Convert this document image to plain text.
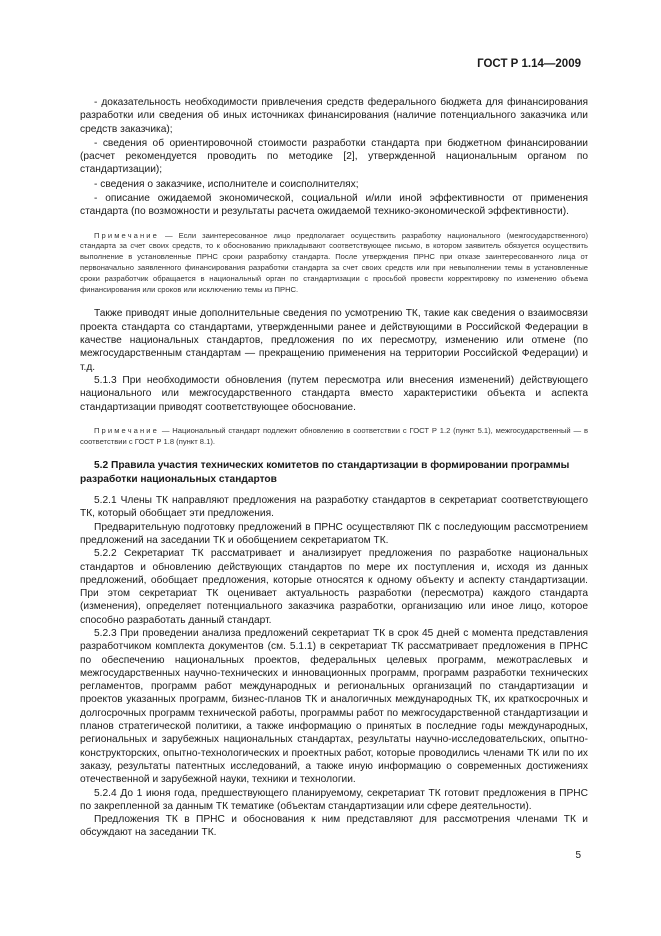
ГОСТ Р 1.14—2009

- доказательность необходимости привлечения средств федерального бюджета для финансирования разработки или сведения об иных источниках финансирования (наличие потенциального заказчика или средств заказчика);

- сведения об ориентировочной стоимости разработки стандарта при бюджетном финансировании (расчет рекомендуется проводить по методике [2], утвержденной национальным органом по стандартизации);

- сведения о заказчике, исполнителе и соисполнителях;

- описание ожидаемой экономической, социальной и/или иной эффективности от применения стандарта (по возможности и результаты расчета ожидаемой технико-экономической эффективности).

Примечание — Если заинтересованное лицо предполагает осуществить разработку национального (межгосударственного) стандарта за счет своих средств, то к обоснованию прикладывают соответствующее письмо, в котором заявитель обязуется осуществить выполнение в установленные ПРНС сроки разработку стандарта. После утверждения ПРНС при отказе заинтересованного лица от первоначально заявленного финансирования разработки стандарта за счет своих средств или при невыполнении темы в установленные сроки разработчик обращается в национальный орган по стандартизации с просьбой провести корректировку по изменению объема финансирования или сроков или исключению темы из ПРНС.

Также приводят иные дополнительные сведения по усмотрению ТК, такие как сведения о взаимосвязи проекта стандарта со стандартами, утвержденными ранее и действующими в Российской Федерации в качестве национальных стандартов, предложения по их пересмотру, изменению или отмене (по межгосударственным стандартам — прекращению применения на территории Российской Федерации) и т.д.

5.1.3 При необходимости обновления (путем пересмотра или внесения изменений) действующего национального или межгосударственного стандарта вместо характеристики объекта и аспекта стандартизации приводят соответствующее обоснование.

Примечание — Национальный стандарт подлежит обновлению в соответствии с ГОСТ Р 1.2 (пункт 5.1), межгосударственный — в соответствии с ГОСТ Р 1.8 (пункт 8.1).
5.2 Правила участия технических комитетов по стандартизации в формировании программы разработки национальных стандартов

5.2.1 Члены ТК направляют предложения на разработку стандартов в секретариат соответствующего ТК, который обобщает эти предложения.

Предварительную подготовку предложений в ПРНС осуществляют ПК с последующим рассмотрением предложений на заседании ТК и обобщением секретариатом ТК.

5.2.2 Секретариат ТК рассматривает и анализирует предложения по разработке национальных стандартов и обновлению действующих стандартов по мере их поступления и, исходя из данных предложений, обобщает предложения, которые относятся к одному объекту и аспекту стандартизации. При этом секретариат ТК оценивает актуальность разработки (пересмотра) каждого стандарта (изменения), определяет потенциального заказчика разработки, организацию или иное лицо, которое способно разработать данный стандарт.

5.2.3 При проведении анализа предложений секретариат ТК в срок 45 дней с момента представления разработчиком комплекта документов (см. 5.1.1) в секретариат ТК рассматривает предложения в ПРНС по обеспечению национальных проектов, федеральных целевых программ, межотраслевых и межгосударственных научно-технических и инновационных программ, программ разработки технических регламентов, программ работ международных и региональных организаций по стандартизации и проектов указанных программ, бизнес-планов ТК и аналогичных международных ТК, их краткосрочных и долгосрочных программ технической работы, программы работ по межгосударственной стандартизации и планов стратегической политики, а также информацию о принятых в последние годы международных, региональных и зарубежных национальных стандартах, результаты научно-исследовательских, опытно-конструкторских, опытно-технологических и проектных работ, которые проводились членами ТК или по их заказу, результаты патентных исследований, а также иную информацию о современных достижениях отечественной и зарубежной науки, техники и технологии.

5.2.4 До 1 июня года, предшествующего планируемому, секретариат ТК готовит предложения в ПРНС по закрепленной за данным ТК тематике (объектам стандартизации или сфере деятельности).

Предложения ТК в ПРНС и обоснования к ним представляют для рассмотрения членами ТК и обсуждают на заседании ТК.

5
